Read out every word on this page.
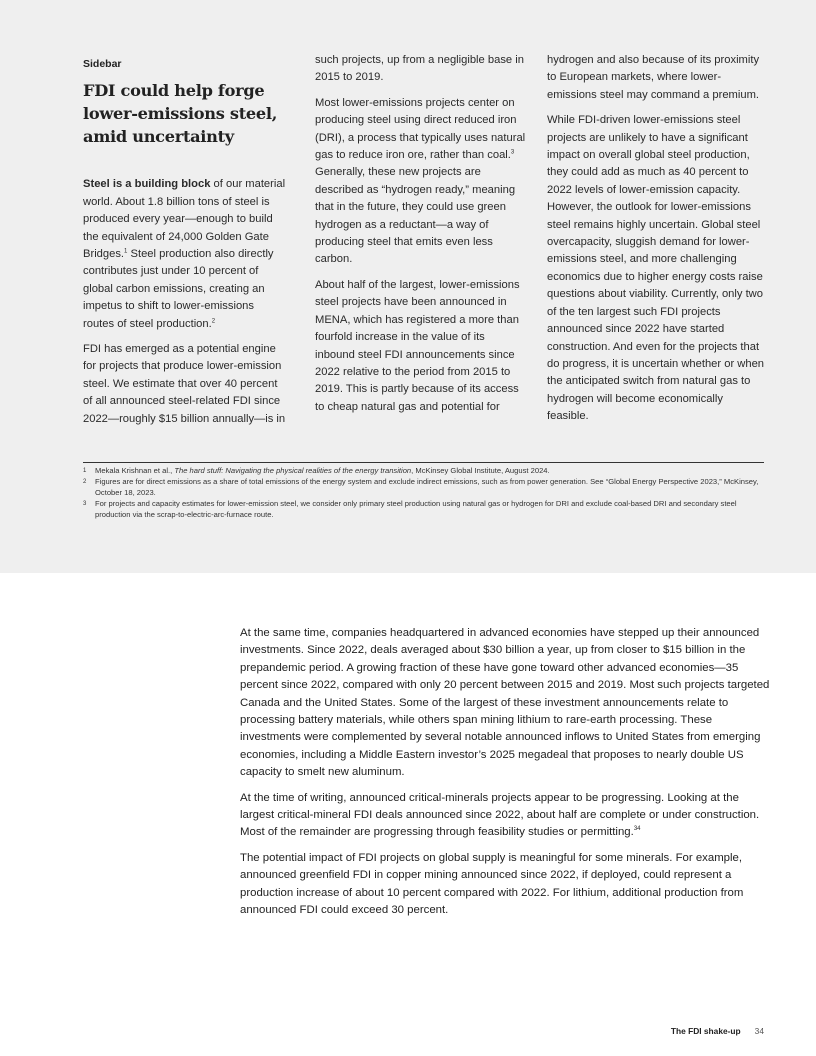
Sidebar
FDI could help forge lower-emissions steel, amid uncertainty

Steel is a building block of our material world. About 1.8 billion tons of steel is produced every year—enough to build the equivalent of 24,000 Golden Gate Bridges.$^1$ Steel production also directly contributes just under 10 percent of global carbon emissions, creating an impetus to shift to lower-emissions routes of steel production.$^2$

FDI has emerged as a potential engine for projects that produce lower-emission steel. We estimate that over 40 percent of all announced steel-related FDI since 2022—roughly $15 billion annually—is in

such projects, up from a negligible base in 2015 to 2019.

Most lower-emissions projects center on producing steel using direct reduced iron (DRI), a process that typically uses natural gas to reduce iron ore, rather than coal.$^3$ Generally, these new projects are described as “hydrogen ready,” meaning that in the future, they could use green hydrogen as a reductant—a way of producing steel that emits even less carbon.

About half of the largest, lower-emissions steel projects have been announced in MENA, which has registered a more than fourfold increase in the value of its inbound steel FDI announcements since 2022 relative to the period from 2015 to 2019. This is partly because of its access to cheap natural gas and potential for

hydrogen and also because of its proximity to European markets, where lower-emissions steel may command a premium.

While FDI-driven lower-emissions steel projects are unlikely to have a significant impact on overall global steel production, they could add as much as 40 percent to 2022 levels of lower-emission capacity. However, the outlook for lower-emissions steel remains highly uncertain. Global steel overcapacity, sluggish demand for lower-emissions steel, and more challenging economics due to higher energy costs raise questions about viability. Currently, only two of the ten largest such FDI projects announced since 2022 have started construction. And even for the projects that do progress, it is uncertain whether or when the anticipated switch from natural gas to hydrogen will become economically feasible.

1	Mekala Krishnan et al., The hard stuff: Navigating the physical realities of the energy transition, McKinsey Global Institute, August 2024.
2	Figures are for direct emissions as a share of total emissions of the energy system and exclude indirect emissions, such as from power generation. See “Global Energy Perspective 2023,” McKinsey, October 18, 2023.
3	For projects and capacity estimates for lower-emission steel, we consider only primary steel production using natural gas or hydrogen for DRI and exclude coal-based DRI and secondary steel production via the scrap-to-electric-arc-furnace route.

At the same time, companies headquartered in advanced economies have stepped up their announced investments. Since 2022, deals averaged about $30 billion a year, up from closer to $15 billion in the prepandemic period. A growing fraction of these have gone toward other advanced economies—35 percent since 2022, compared with only 20 percent between 2015 and 2019. Most such projects targeted Canada and the United States. Some of the largest of these investment announcements relate to processing battery materials, while others span mining lithium to rare-earth processing. These investments were complemented by several notable announced inflows to United States from emerging economies, including a Middle Eastern investor’s 2025 megadeal that proposes to nearly double US capacity to smelt new aluminum.

At the time of writing, announced critical-minerals projects appear to be progressing. Looking at the largest critical-mineral FDI deals announced since 2022, about half are complete or under construction. Most of the remainder are progressing through feasibility studies or permitting.$^{34}$

The potential impact of FDI projects on global supply is meaningful for some minerals. For example, announced greenfield FDI in copper mining announced since 2022, if deployed, could represent a production increase of about 10 percent compared with 2022. For lithium, additional production from announced FDI could exceed 30 percent.

The FDI shake-up 34
